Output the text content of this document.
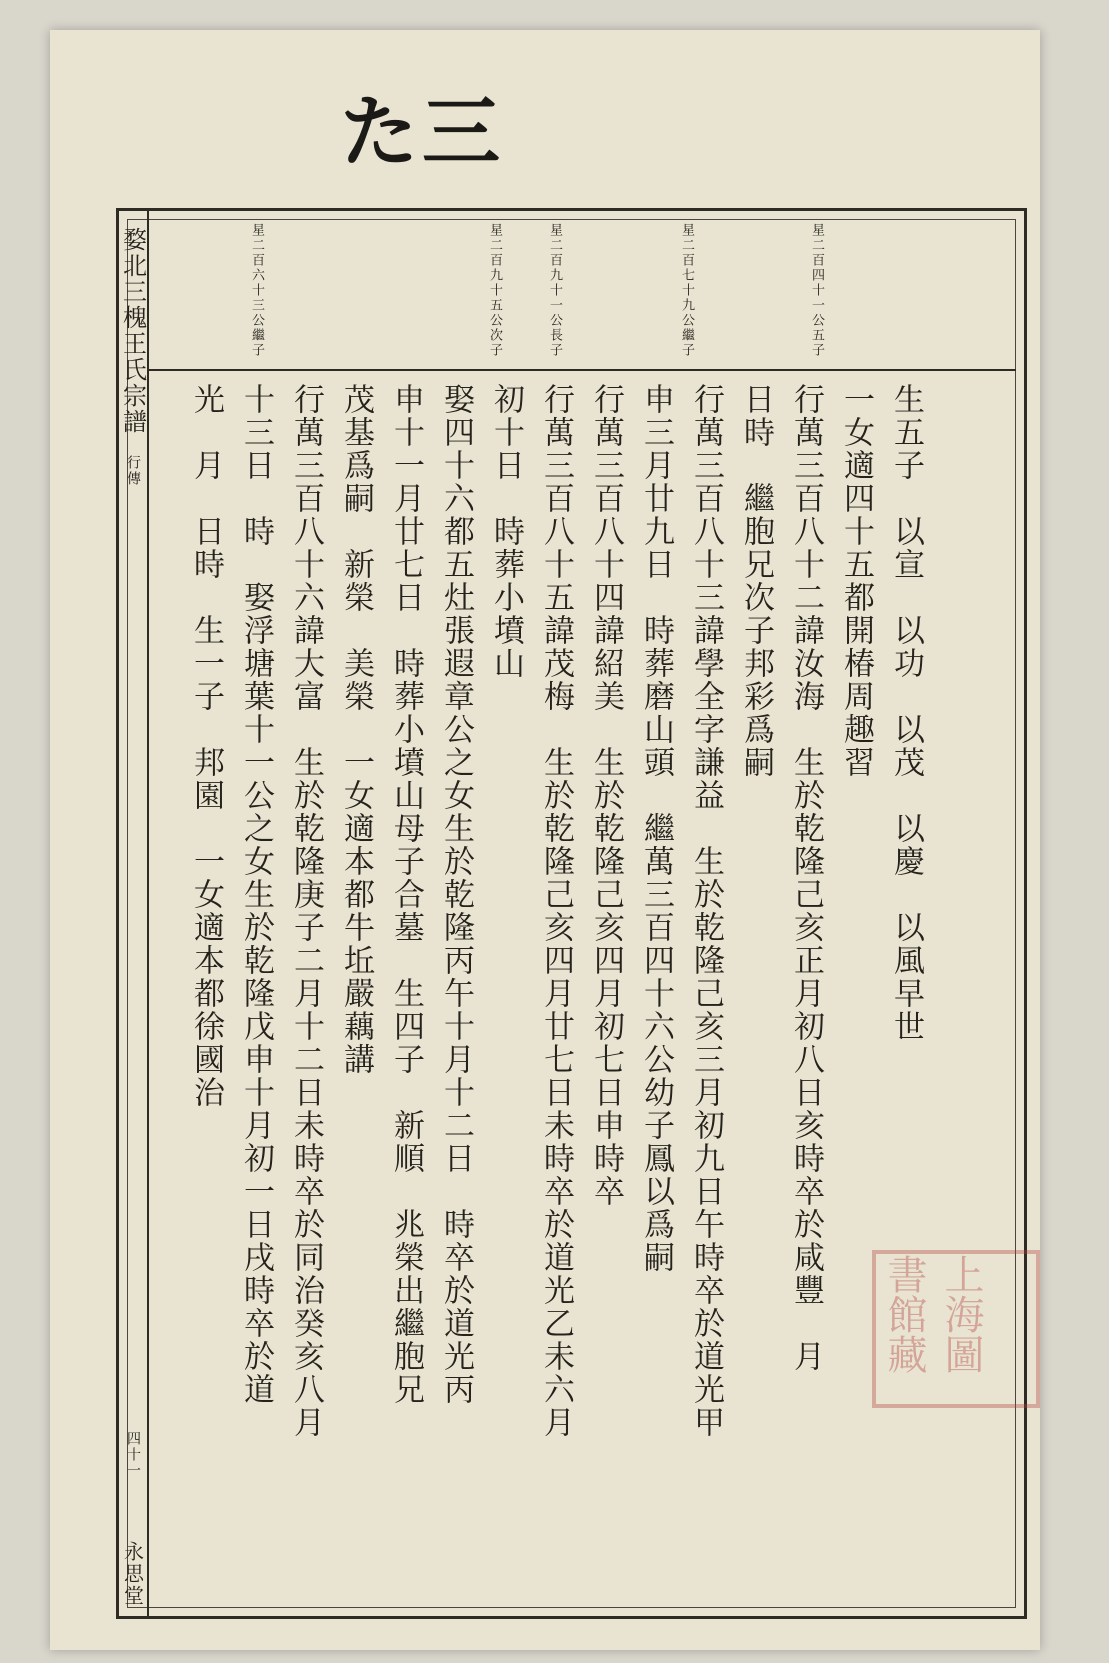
た三
婺北三槐王氏宗譜
行傳
四十一
永思堂
星二百四十一公五子
星二百七十九公繼子
星二百九十一公長子
星二百九十五公次子
星二百六十三公繼子
生五子　以宣　以功　以茂　以慶　以風早世
一女適四十五都開椿周趣習
行萬三百八十二諱汝海　生於乾隆己亥正月初八日亥時卒於咸豐　月
日時　繼胞兄次子邦彩爲嗣
行萬三百八十三諱學全字謙益　生於乾隆己亥三月初九日午時卒於道光甲
申三月廿九日　時葬磨山頭　繼萬三百四十六公幼子鳳以爲嗣
行萬三百八十四諱紹美　生於乾隆己亥四月初七日申時卒
行萬三百八十五諱茂梅　生於乾隆己亥四月廿七日未時卒於道光乙未六月
初十日　時葬小墳山
娶四十六都五灶張遐章公之女生於乾隆丙午十月十二日　時卒於道光丙
申十一月廿七日　時葬小墳山母子合墓　生四子　新順　兆榮出繼胞兄
茂基爲嗣　新榮　美榮　一女適本都牛坵嚴藕講
行萬三百八十六諱大富　生於乾隆庚子二月十二日未時卒於同治癸亥八月
十三日　時　娶浮塘葉十一公之女生於乾隆戊申十月初一日戌時卒於道
光　月　日時　生一子　邦園　一女適本都徐國治
上海圖書館藏
